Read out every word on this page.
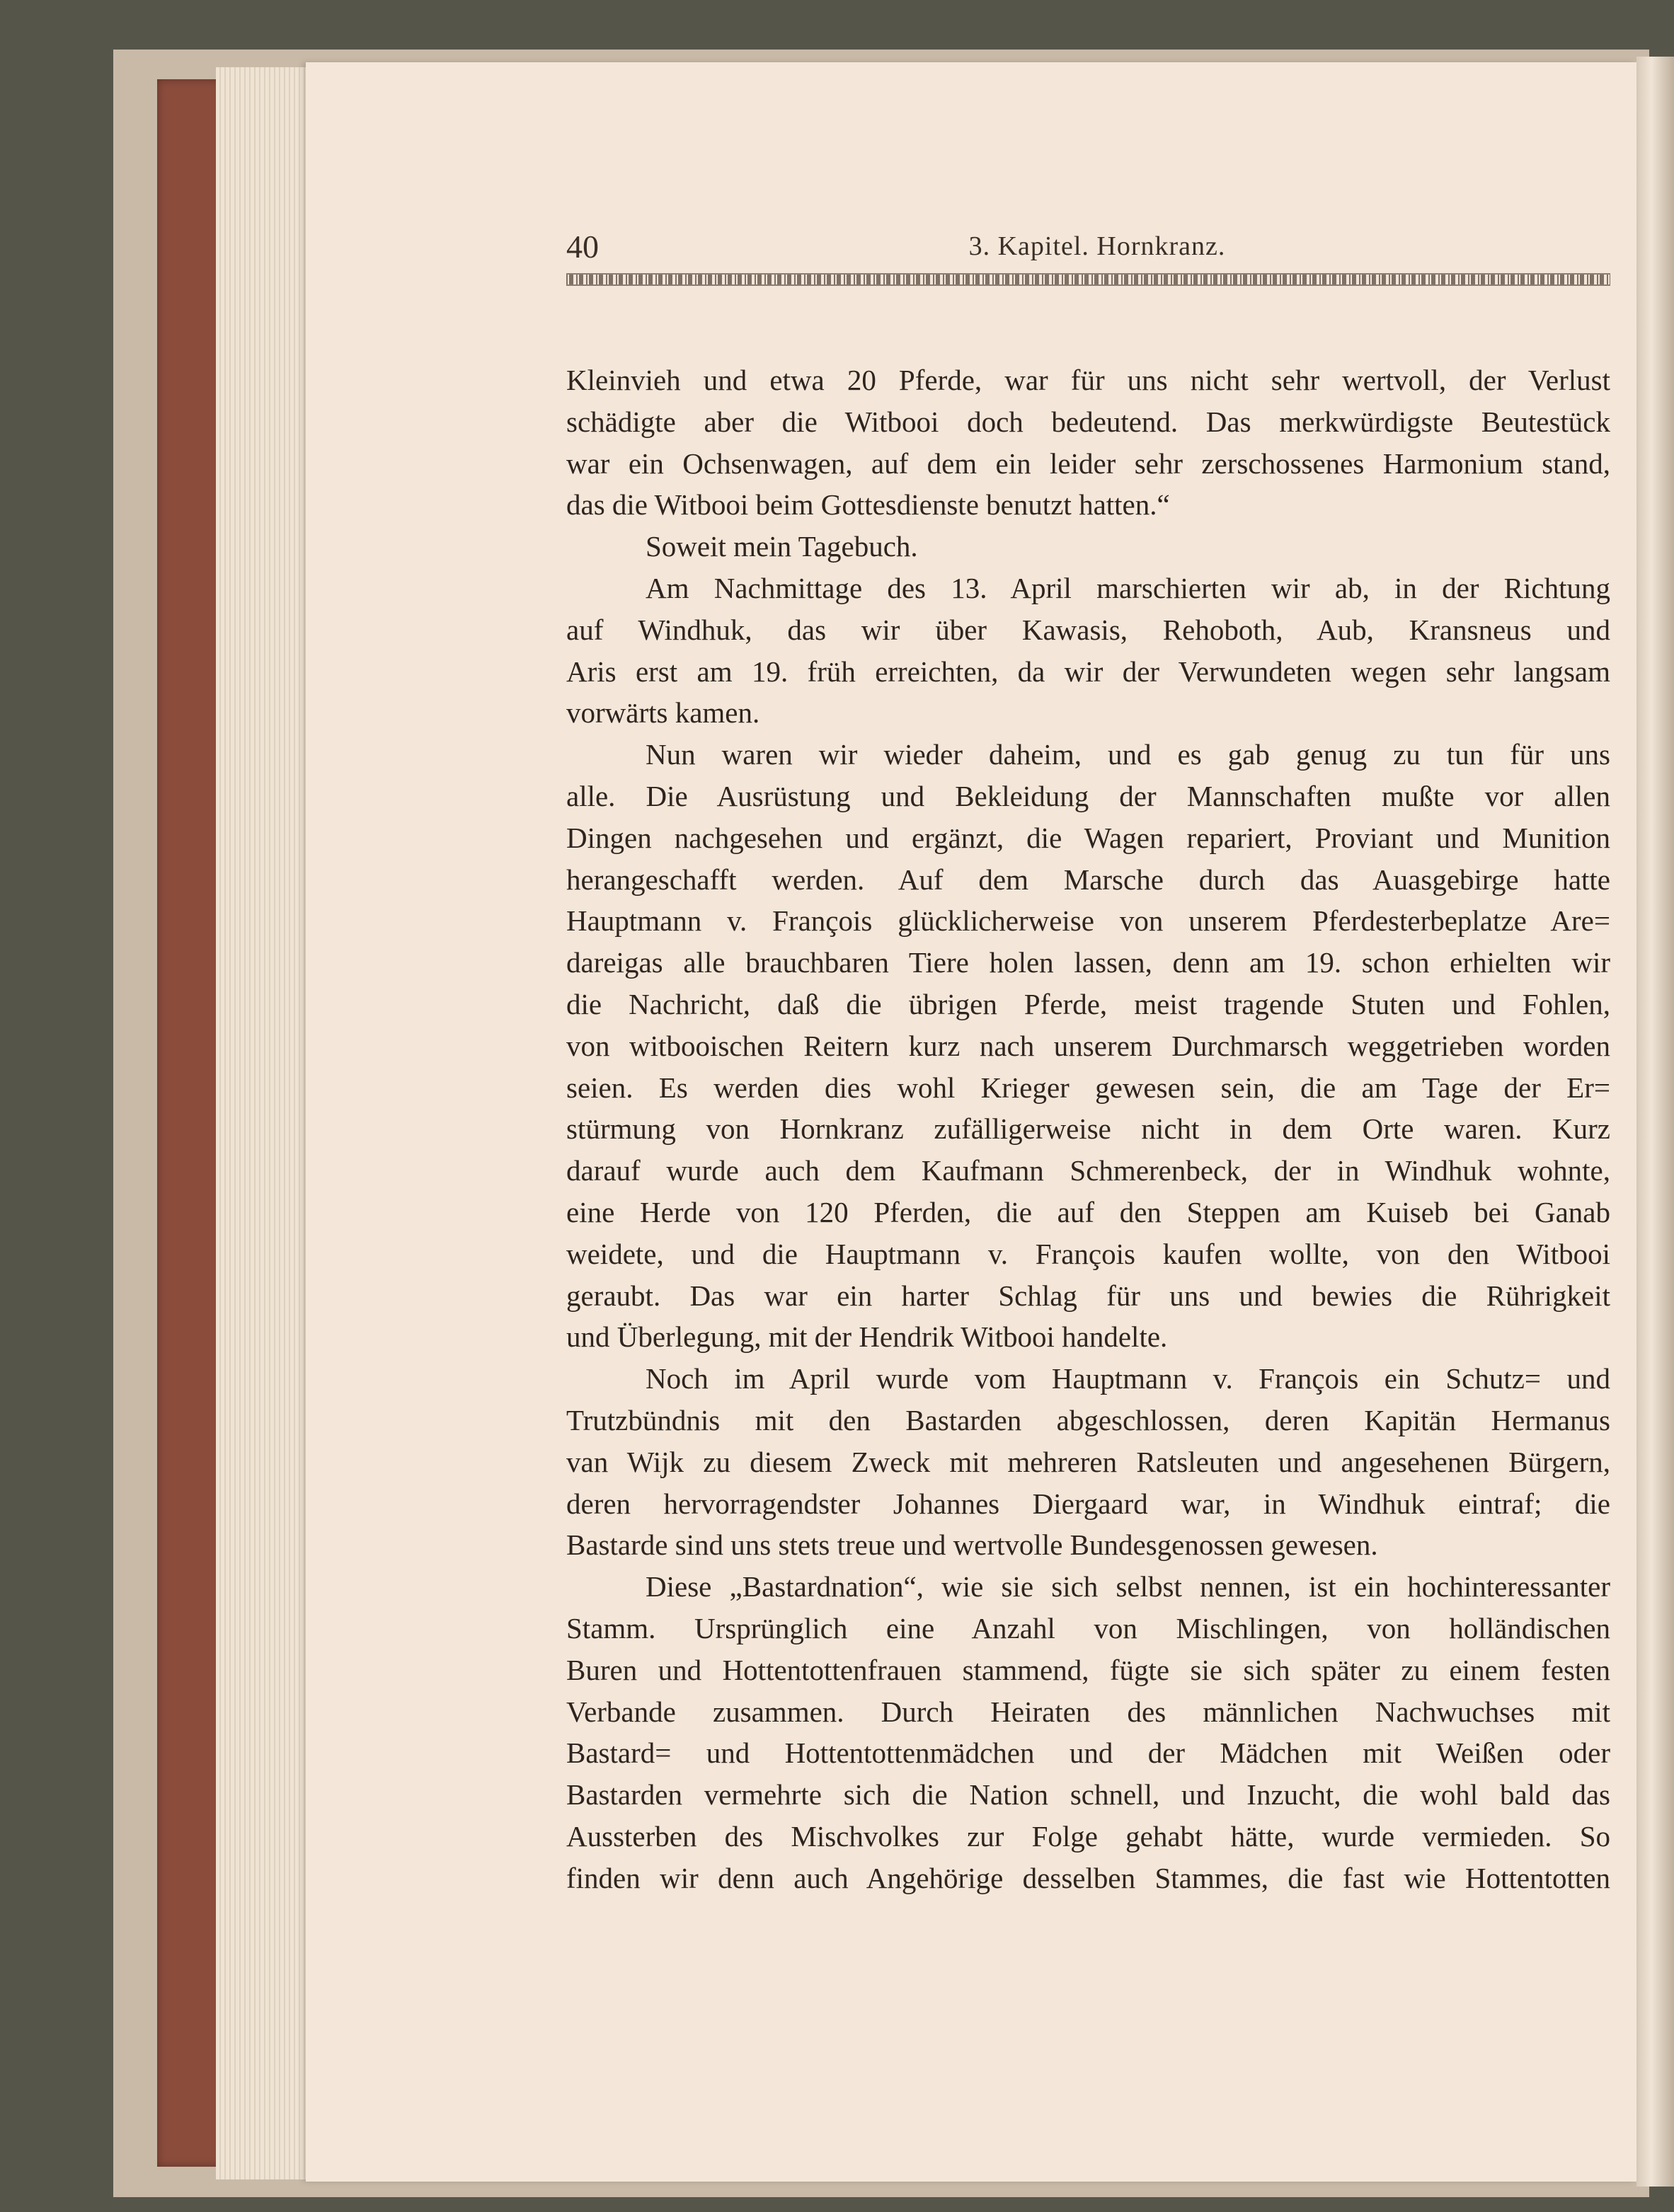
40	3. Kapitel. Hornkranz.
Kleinvieh und etwa 20 Pferde, war für uns nicht sehr wertvoll, der Verlust
schädigte aber die Witbooi doch bedeutend. Das merkwürdigste Beutestück
war ein Ochsenwagen, auf dem ein leider sehr zerschossenes Harmonium stand,
das die Witbooi beim Gottesdienste benutzt hatten.“
Soweit mein Tagebuch.
Am Nachmittage des 13. April marschierten wir ab, in der Richtung
auf Windhuk, das wir über Kawasis, Rehoboth, Aub, Kransneus und
Aris erst am 19. früh erreichten, da wir der Verwundeten wegen sehr langsam
vorwärts kamen.
Nun waren wir wieder daheim, und es gab genug zu tun für uns
alle. Die Ausrüstung und Bekleidung der Mannschaften mußte vor allen
Dingen nachgesehen und ergänzt, die Wagen repariert, Proviant und Munition
herangeschafft werden. Auf dem Marsche durch das Auasgebirge hatte
Hauptmann v. François glücklicherweise von unserem Pferdesterbeplatze Are=
dareigas alle brauchbaren Tiere holen lassen, denn am 19. schon erhielten wir
die Nachricht, daß die übrigen Pferde, meist tragende Stuten und Fohlen,
von witbooischen Reitern kurz nach unserem Durchmarsch weggetrieben worden
seien. Es werden dies wohl Krieger gewesen sein, die am Tage der Er=
stürmung von Hornkranz zufälligerweise nicht in dem Orte waren. Kurz
darauf wurde auch dem Kaufmann Schmerenbeck, der in Windhuk wohnte,
eine Herde von 120 Pferden, die auf den Steppen am Kuiseb bei Ganab
weidete, und die Hauptmann v. François kaufen wollte, von den Witbooi
geraubt. Das war ein harter Schlag für uns und bewies die Rührigkeit
und Überlegung, mit der Hendrik Witbooi handelte.
Noch im April wurde vom Hauptmann v. François ein Schutz= und
Trutzbündnis mit den Bastarden abgeschlossen, deren Kapitän Hermanus
van Wijk zu diesem Zweck mit mehreren Ratsleuten und angesehenen Bürgern,
deren hervorragendster Johannes Diergaard war, in Windhuk eintraf; die
Bastarde sind uns stets treue und wertvolle Bundesgenossen gewesen.
Diese „Bastardnation“, wie sie sich selbst nennen, ist ein hochinteressanter
Stamm. Ursprünglich eine Anzahl von Mischlingen, von holländischen
Buren und Hottentottenfrauen stammend, fügte sie sich später zu einem festen
Verbande zusammen. Durch Heiraten des männlichen Nachwuchses mit
Bastard= und Hottentottenmädchen und der Mädchen mit Weißen oder
Bastarden vermehrte sich die Nation schnell, und Inzucht, die wohl bald das
Aussterben des Mischvolkes zur Folge gehabt hätte, wurde vermieden. So
finden wir denn auch Angehörige desselben Stammes, die fast wie Hottentotten
